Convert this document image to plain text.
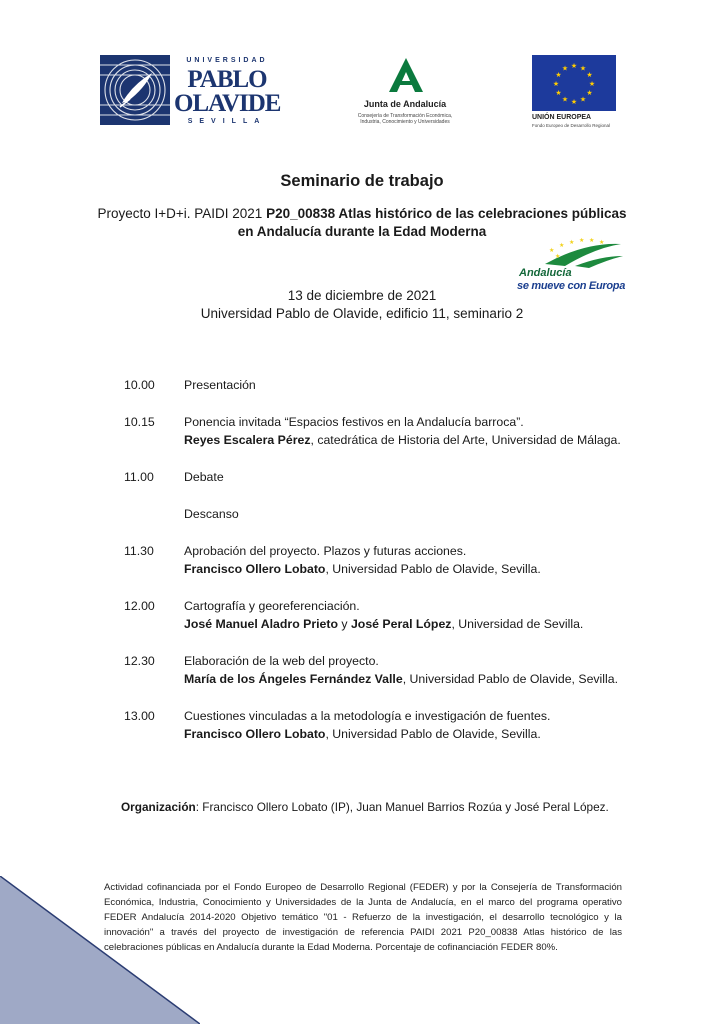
UNIVERSIDAD
PABLO
OLAVIDE
SEVILLA
Junta de Andalucía
Consejería de Transformación Económica,
Industria, Conocimiento y Universidades
★ ★
★
★
★
★
★
★
★
★
★
★
UNIÓN EUROPEA
Fondo Europeo de Desarrollo Regional
Seminario de trabajo
Proyecto I+D+i. PAIDI 2021 P20_00838 Atlas histórico de las celebraciones públicas
en Andalucía durante la Edad Moderna
★
★ ★ ★ ★ ★
★
Andalucía
se mueve con Europa
13 de diciembre de 2021
Universidad Pablo de Olavide, edificio 11, seminario 2
10.00 Presentación
10.15 Ponencia invitada “Espacios festivos en la Andalucía barroca”.
Reyes Escalera Pérez, catedrática de Historia del Arte, Universidad de Málaga.
11.00 Debate
Descanso
11.30 Aprobación del proyecto. Plazos y futuras acciones.
Francisco Ollero Lobato, Universidad Pablo de Olavide, Sevilla.
12.00 Cartografía y georeferenciación.
José Manuel Aladro Prieto y José Peral López, Universidad de Sevilla.
12.30 Elaboración de la web del proyecto.
María de los Ángeles Fernández Valle, Universidad Pablo de Olavide, Sevilla.
13.00 Cuestiones vinculadas a la metodología e investigación de fuentes.
Francisco Ollero Lobato, Universidad Pablo de Olavide, Sevilla.
Organización: Francisco Ollero Lobato (IP), Juan Manuel Barrios Rozúa y José Peral López.
Actividad cofinanciada por el Fondo Europeo de Desarrollo Regional (FEDER) y por la Consejería de Transformación Económica, Industria, Conocimiento y Universidades de la Junta de Andalucía, en el marco del programa operativo FEDER Andalucía 2014-2020 Objetivo temático "01 - Refuerzo de la investigación, el desarrollo tecnológico y la innovación" a través del proyecto de investigación de referencia PAIDI 2021 P20_00838 Atlas histórico de las celebraciones públicas en Andalucía durante la Edad Moderna. Porcentaje de cofinanciación FEDER 80%.
